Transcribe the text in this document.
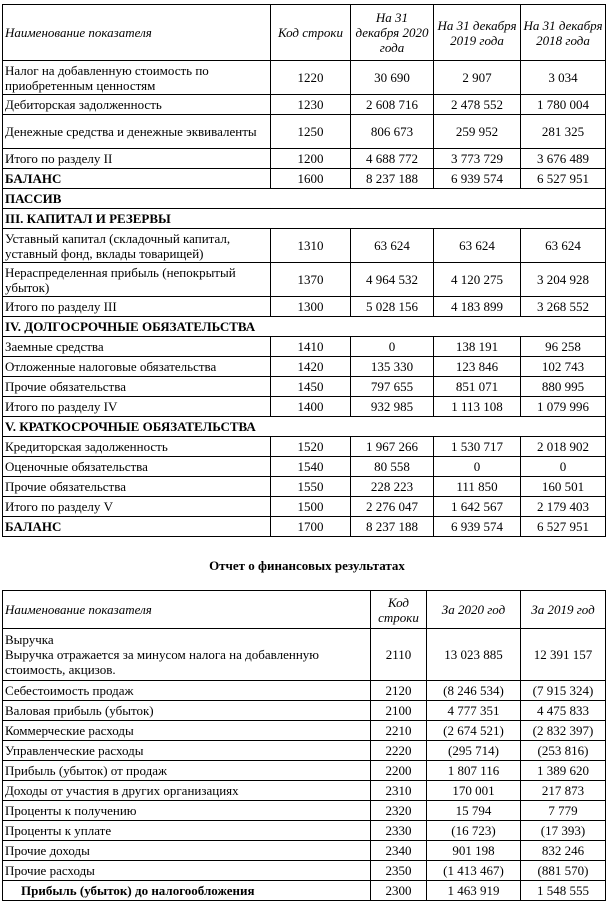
Наименование показателя	Код строки	На 31 декабря 2020 года	На 31 декабря 2019 года	На 31 декабря 2018 года
Налог на добавленную стоимость по приобретенным ценностям	1220	30 690	2 907	3 034
Дебиторская задолженность	1230	2 608 716	2 478 552	1 780 004
Денежные средства и денежные эквиваленты	1250	806 673	259 952	281 325
Итого по разделу II	1200	4 688 772	3 773 729	3 676 489
БАЛАНС	1600	8 237 188	6 939 574	6 527 951
ПАССИВ				
III. КАПИТАЛ И РЕЗЕРВЫ				
Уставный капитал (складочный капитал, уставный фонд, вклады товарищей)	1310	63 624	63 624	63 624
Нераспределенная прибыль (непокрытый убыток)	1370	4 964 532	4 120 275	3 204 928
Итого по разделу III	1300	5 028 156	4 183 899	3 268 552
IV. ДОЛГОСРОЧНЫЕ ОБЯЗАТЕЛЬСТВА				
Заемные средства	1410	0	138 191	96 258
Отложенные налоговые обязательства	1420	135 330	123 846	102 743
Прочие обязательства	1450	797 655	851 071	880 995
Итого по разделу IV	1400	932 985	1 113 108	1 079 996
V. КРАТКОСРОЧНЫЕ ОБЯЗАТЕЛЬСТВА				
Кредиторская задолженность	1520	1 967 266	1 530 717	2 018 902
Оценочные обязательства	1540	80 558	0	0
Прочие обязательства	1550	228 223	111 850	160 501
Итого по разделу V	1500	2 276 047	1 642 567	2 179 403
БАЛАНС	1700	8 237 188	6 939 574	6 527 951
Отчет о финансовых результатах
Наименование показателя	Код строки	За 2020 год	За 2019 год

Выручка
Выручка отражается за минусом налога на добавленную стоимость, акцизов.	2110	13 023 885	12 391 157
Себестоимость продаж	2120	(8 246 534)	(7 915 324)
Валовая прибыль (убыток)	2100	4 777 351	4 475 833
Коммерческие расходы	2210	(2 674 521)	(2 832 397)
Управленческие расходы	2220	(295 714)	(253 816)
Прибыль (убыток) от продаж	2200	1 807 116	1 389 620
Доходы от участия в других организациях	2310	170 001	217 873
Проценты к получению	2320	15 794	7 779
Проценты к уплате	2330	(16 723)	(17 393)
Прочие доходы	2340	901 198	832 246
Прочие расходы	2350	(1 413 467)	(881 570)
Прибыль (убыток) до налогообложения	2300	1 463 919	1 548 555
